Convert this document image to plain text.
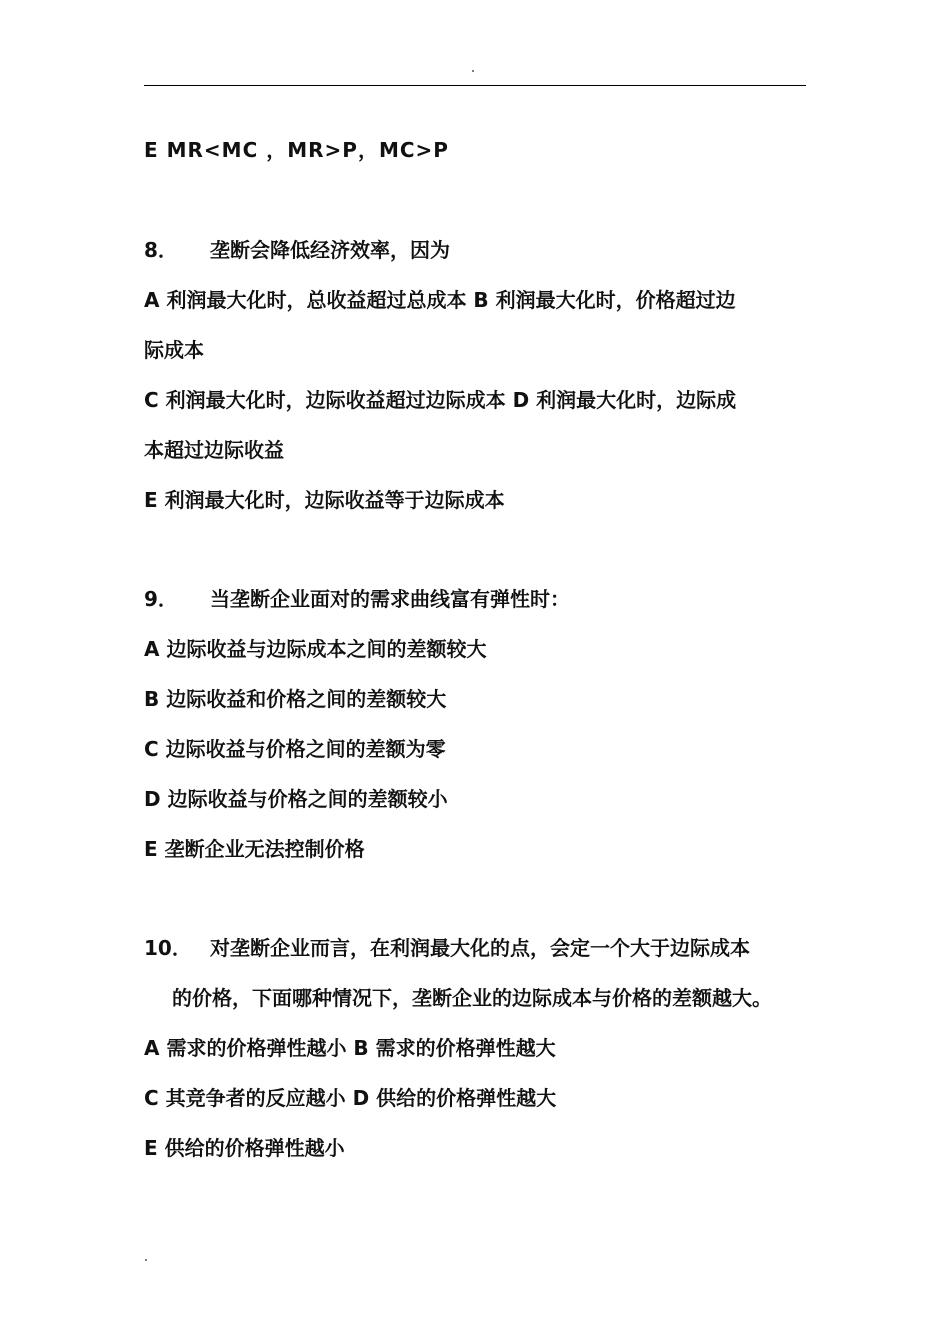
E MR<MC ，MR>P，MC>P
8． 垄断会降低经济效率，因为
A 利润最大化时，总收益超过总成本 B 利润最大化时，价格超过边
际成本
C 利润最大化时，边际收益超过边际成本 D 利润最大化时，边际成
本超过边际收益
E 利润最大化时，边际收益等于边际成本
9． 当垄断企业面对的需求曲线富有弹性时：
A 边际收益与边际成本之间的差额较大
B 边际收益和价格之间的差额较大
C 边际收益与价格之间的差额为零
D 边际收益与价格之间的差额较小
E 垄断企业无法控制价格
10． 对垄断企业而言，在利润最大化的点，会定一个大于边际成本
的价格，下面哪种情况下，垄断企业的边际成本与价格的差额越大。
A 需求的价格弹性越小 B 需求的价格弹性越大
C 其竞争者的反应越小 D 供给的价格弹性越大
E 供给的价格弹性越小
